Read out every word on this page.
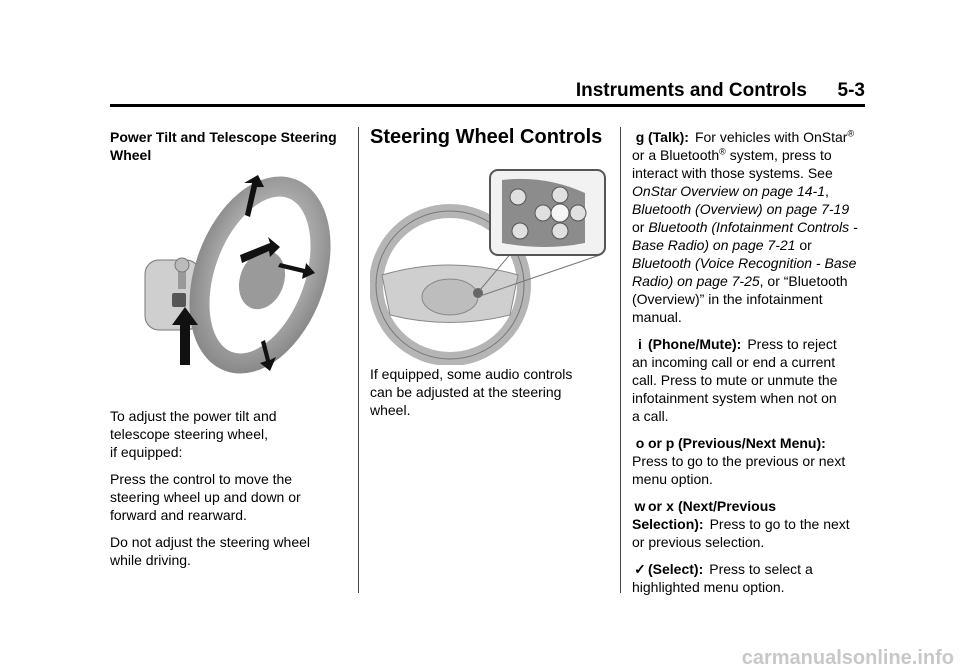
Instruments and Controls 5-3

Power Tilt and Telescope Steering
Wheel

To adjust the power tilt and
telescope steering wheel,
if equipped:

Press the control to move the
steering wheel up and down or
forward and rearward.

Do not adjust the steering wheel
while driving.

Steering Wheel Controls

If equipped, some audio controls
can be adjusted at the steering
wheel.

g (Talk): For vehicles with OnStar®
or a Bluetooth® system, press to
interact with those systems. See
OnStar Overview on page 14-1,
Bluetooth (Overview) on page 7-19
or Bluetooth (Infotainment Controls -
Base Radio) on page 7-21 or
Bluetooth (Voice Recognition - Base
Radio) on page 7-25, or “Bluetooth
(Overview)” in the infotainment
manual.

i (Phone/Mute): Press to reject
an incoming call or end a current
call. Press to mute or unmute the
infotainment system when not on
a call.

o or p (Previous/Next Menu):
Press to go to the previous or next
menu option.

w or x (Next/Previous
Selection): Press to go to the next
or previous selection.

✓ (Select): Press to select a
highlighted menu option.

carmanualsonline.info
